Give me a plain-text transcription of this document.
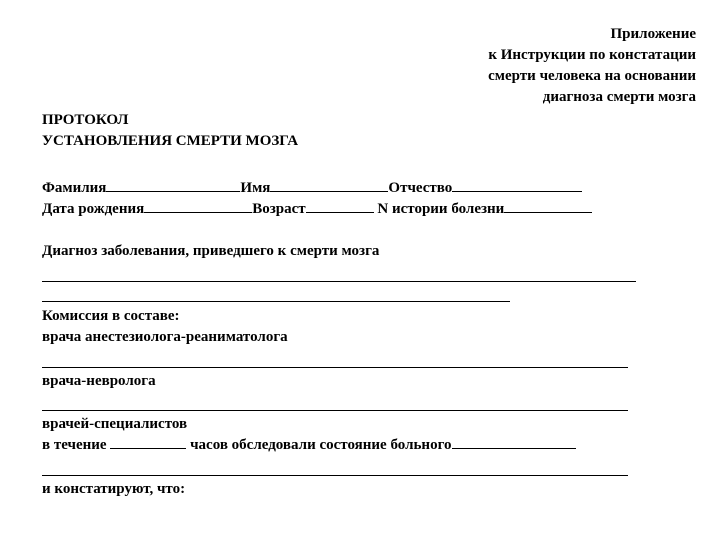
Приложение
к Инструкции по констатации
смерти человека на основании
диагноза смерти мозга
ПРОТОКОЛ
УСТАНОВЛЕНИЯ СМЕРТИ МОЗГА
Фамилия	Имя	Отчество
Дата рождения	Возраст	N истории болезни
Диагноз заболевания, приведшего к смерти мозга
Комиссия в составе:
врача анестезиолога-реаниматолога
врача-невролога
врачей-специалистов
в течение	часов обследовали состояние больного
и констатируют, что:
